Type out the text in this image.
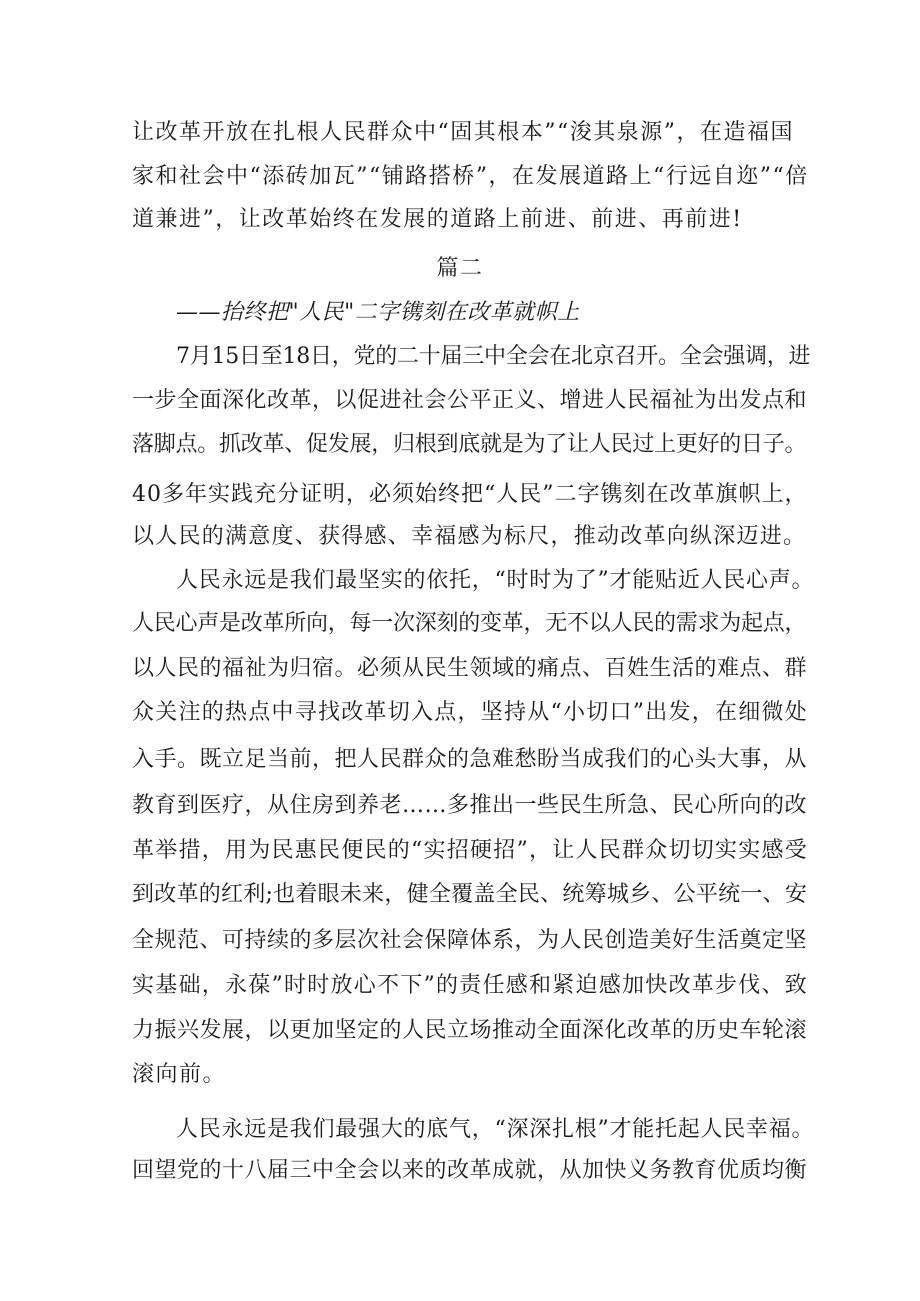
让改革开放在扎根人民群众中“固其根本”“浚其泉源”，在造福国
家和社会中“添砖加瓦”“铺路搭桥”，在发展道路上“行远自迩”“倍
道兼进”，让改革始终在发展的道路上前进、前进、再前进!
篇二
——抬终把"人民"二字镌刻在改革就帜上
7月15日至18日，党的二十届三中全会在北京召开。全会强调，进
一步全面深化改革，以促进社会公平正义、增进人民福祉为出发点和
落脚点。抓改革、促发展，归根到底就是为了让人民过上更好的日子。
40多年实践充分证明，必须始终把“人民”二字镌刻在改革旗帜上，
以人民的满意度、获得感、幸福感为标尺，推动改革向纵深迈进。
人民永远是我们最坚实的依托，“时时为了”才能贴近人民心声。
人民心声是改革所向，每一次深刻的变革，无不以人民的需求为起点，
以人民的福祉为归宿。必须从民生领域的痛点、百姓生活的难点、群
众关注的热点中寻找改革切入点，坚持从“小切口”出发，在细微处
入手。既立足当前，把人民群众的急难愁盼当成我们的心头大事，从
教育到医疗，从住房到养老……多推出一些民生所急、民心所向的改
革举措，用为民惠民便民的“实招硬招”，让人民群众切切实实感受
到改革的红利;也着眼未来，健全覆盖全民、统筹城乡、公平统一、安
全规范、可持续的多层次社会保障体系，为人民创造美好生活奠定坚
实基础，永葆”时时放心不下”的责任感和紧迫感加快改革步伐、致
力振兴发展，以更加坚定的人民立场推动全面深化改革的历史车轮滚
滚向前。
人民永远是我们最强大的底气，“深深扎根”才能托起人民幸福。
回望党的十八届三中全会以来的改革成就，从加快义务教育优质均衡
